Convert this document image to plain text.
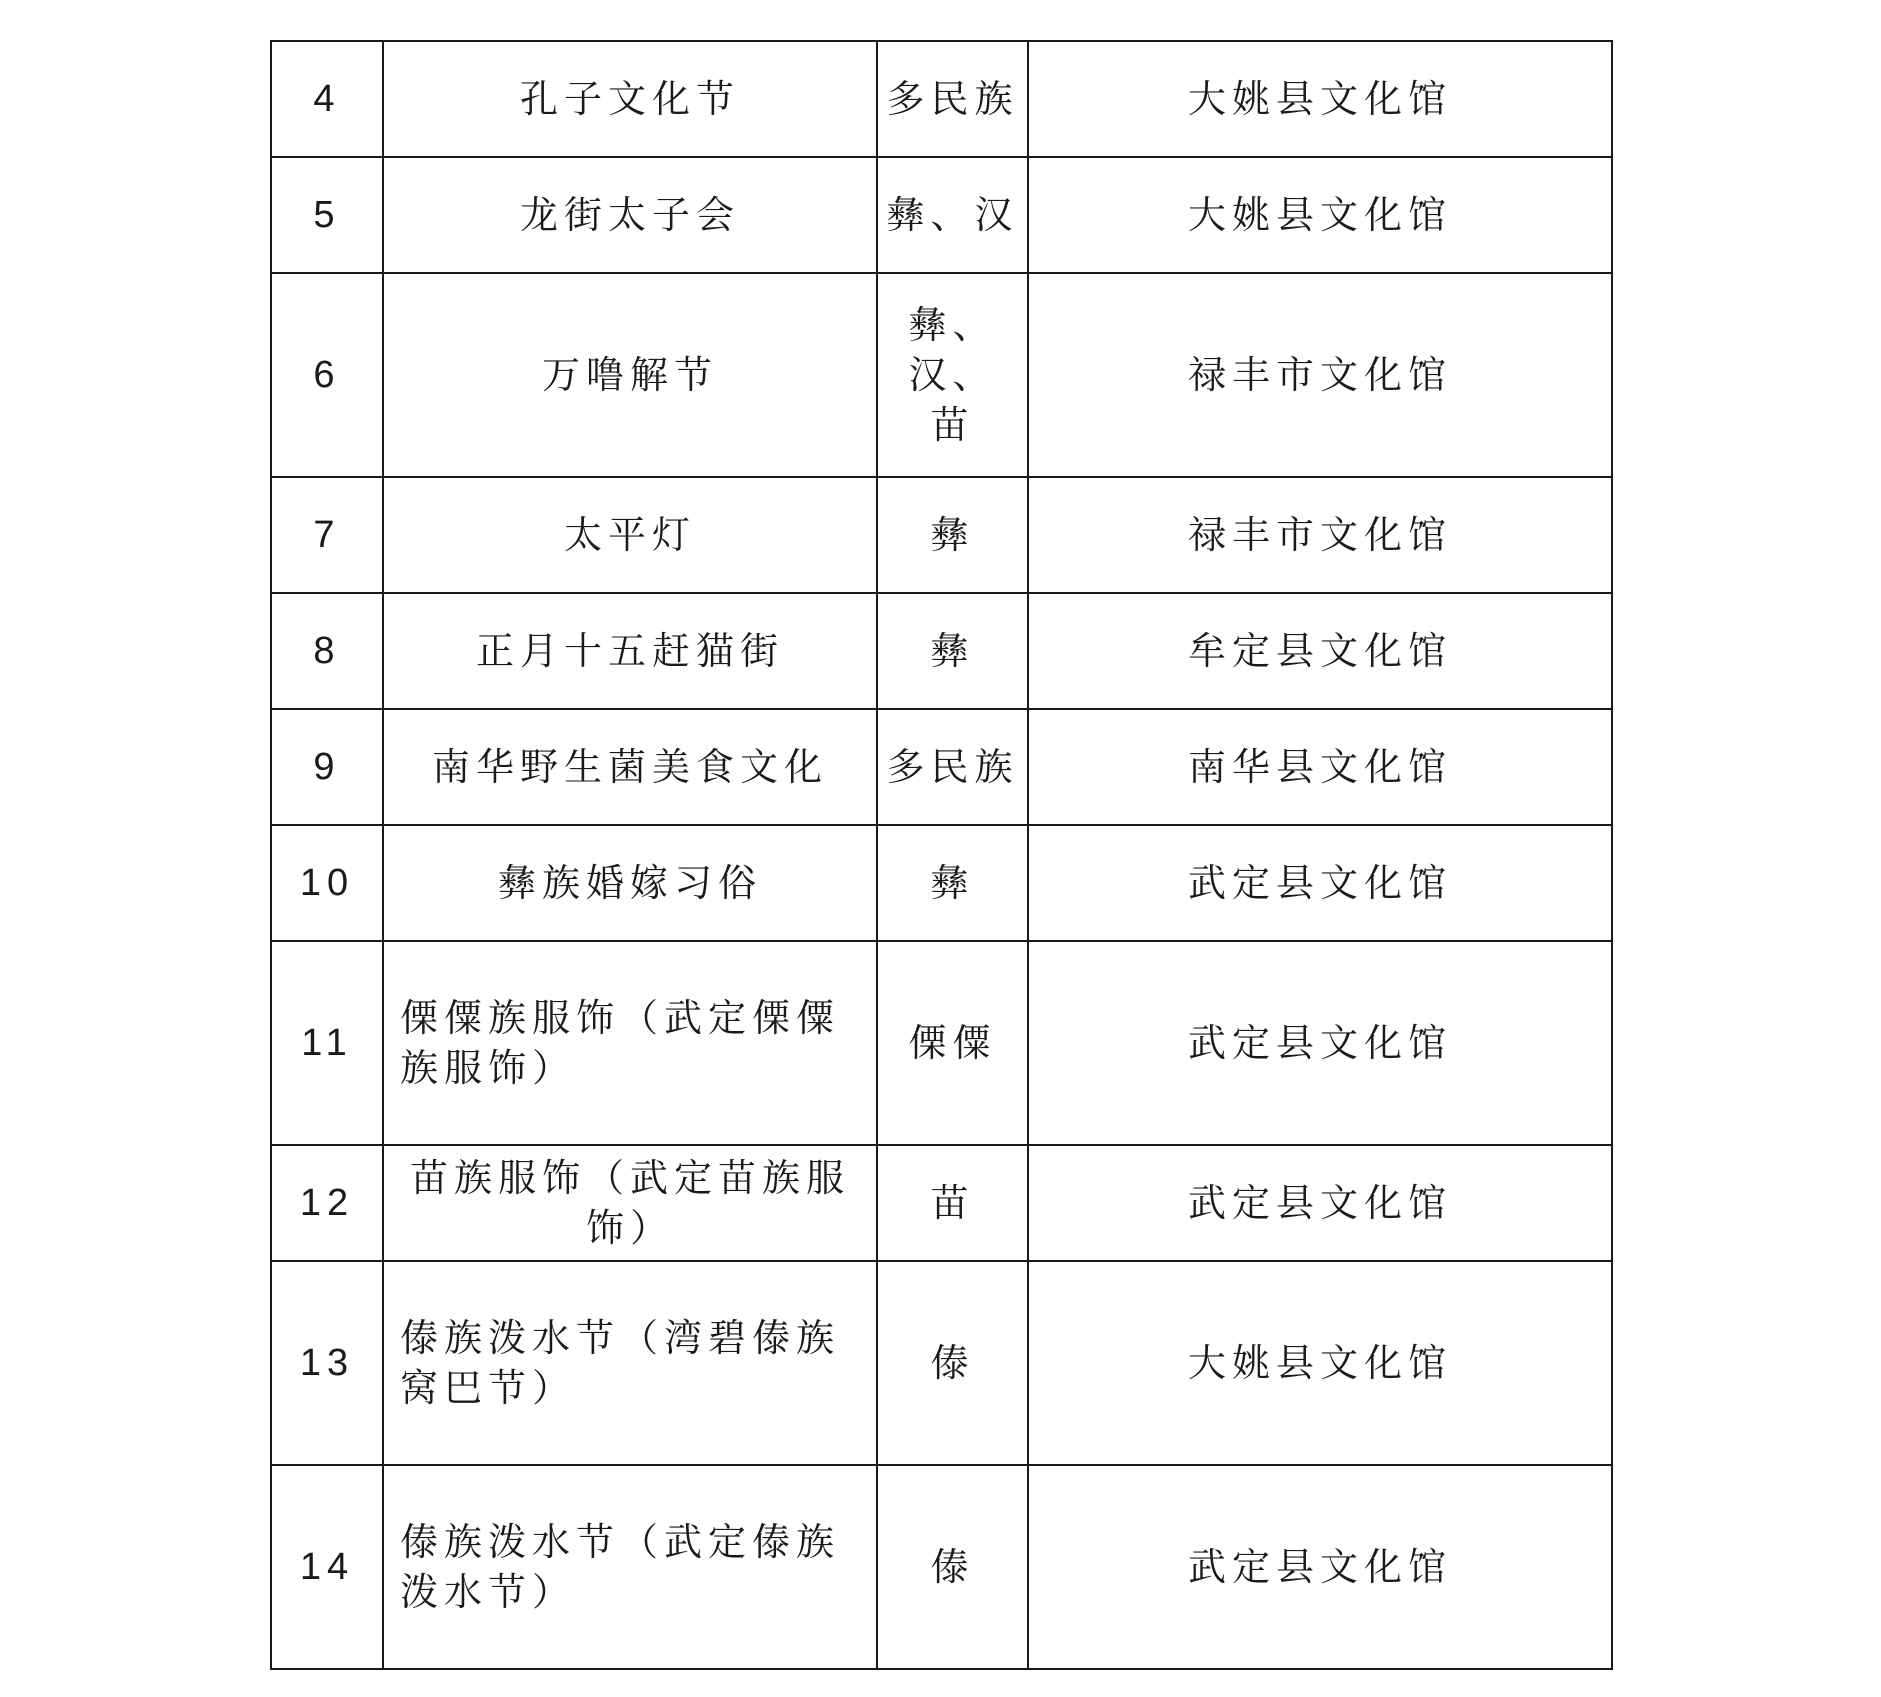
4	孔子文化节	多民族	大姚县文化馆
5	龙街太子会	彝、汉	大姚县文化馆
6	万噜解节	彝、汉、苗	禄丰市文化馆
7	太平灯	彝	禄丰市文化馆
8	正月十五赶猫街	彝	牟定县文化馆
9	南华野生菌美食文化	多民族	南华县文化馆
10	彝族婚嫁习俗	彝	武定县文化馆
11	傈僳族服饰（武定傈僳族服饰）	傈僳	武定县文化馆
12	苗族服饰（武定苗族服饰）	苗	武定县文化馆
13	傣族泼水节（湾碧傣族窝巴节）	傣	大姚县文化馆
14	傣族泼水节（武定傣族泼水节）	傣	武定县文化馆
